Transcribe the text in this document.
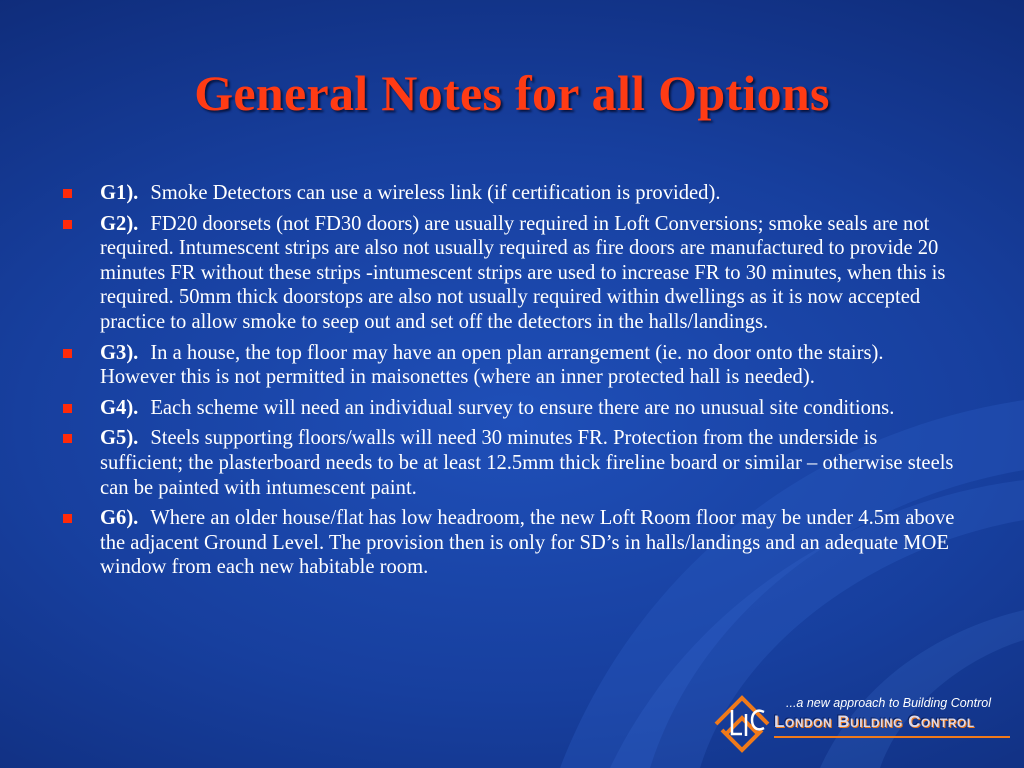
General Notes for all Options
G1). Smoke Detectors can use a wireless link (if certification is provided).
G2). FD20 doorsets (not FD30 doors) are usually required in Loft Conversions; smoke seals are not required. Intumescent strips are also not usually required as fire doors are manufactured to provide 20 minutes FR without these strips -intumescent strips are used to increase FR to 30 minutes, when this is required. 50mm thick doorstops are also not usually required within dwellings as it is now accepted practice to allow smoke to seep out and set off the detectors in the halls/landings.
G3). In a house, the top floor may have an open plan arrangement (ie. no door onto the stairs). However this is not permitted in maisonettes (where an inner protected hall is needed).
G4). Each scheme will need an individual survey to ensure there are no unusual site conditions.
G5). Steels supporting floors/walls will need 30 minutes FR. Protection from the underside is sufficient; the plasterboard needs to be at least 12.5mm thick fireline board or similar – otherwise steels can be painted with intumescent paint.
G6). Where an older house/flat has low headroom, the new Loft Room floor may be under 4.5m above the adjacent Ground Level. The provision then is only for SD’s in halls/landings and an adequate MOE window from each new habitable room.
...a new approach to Building Control
London Building Control
